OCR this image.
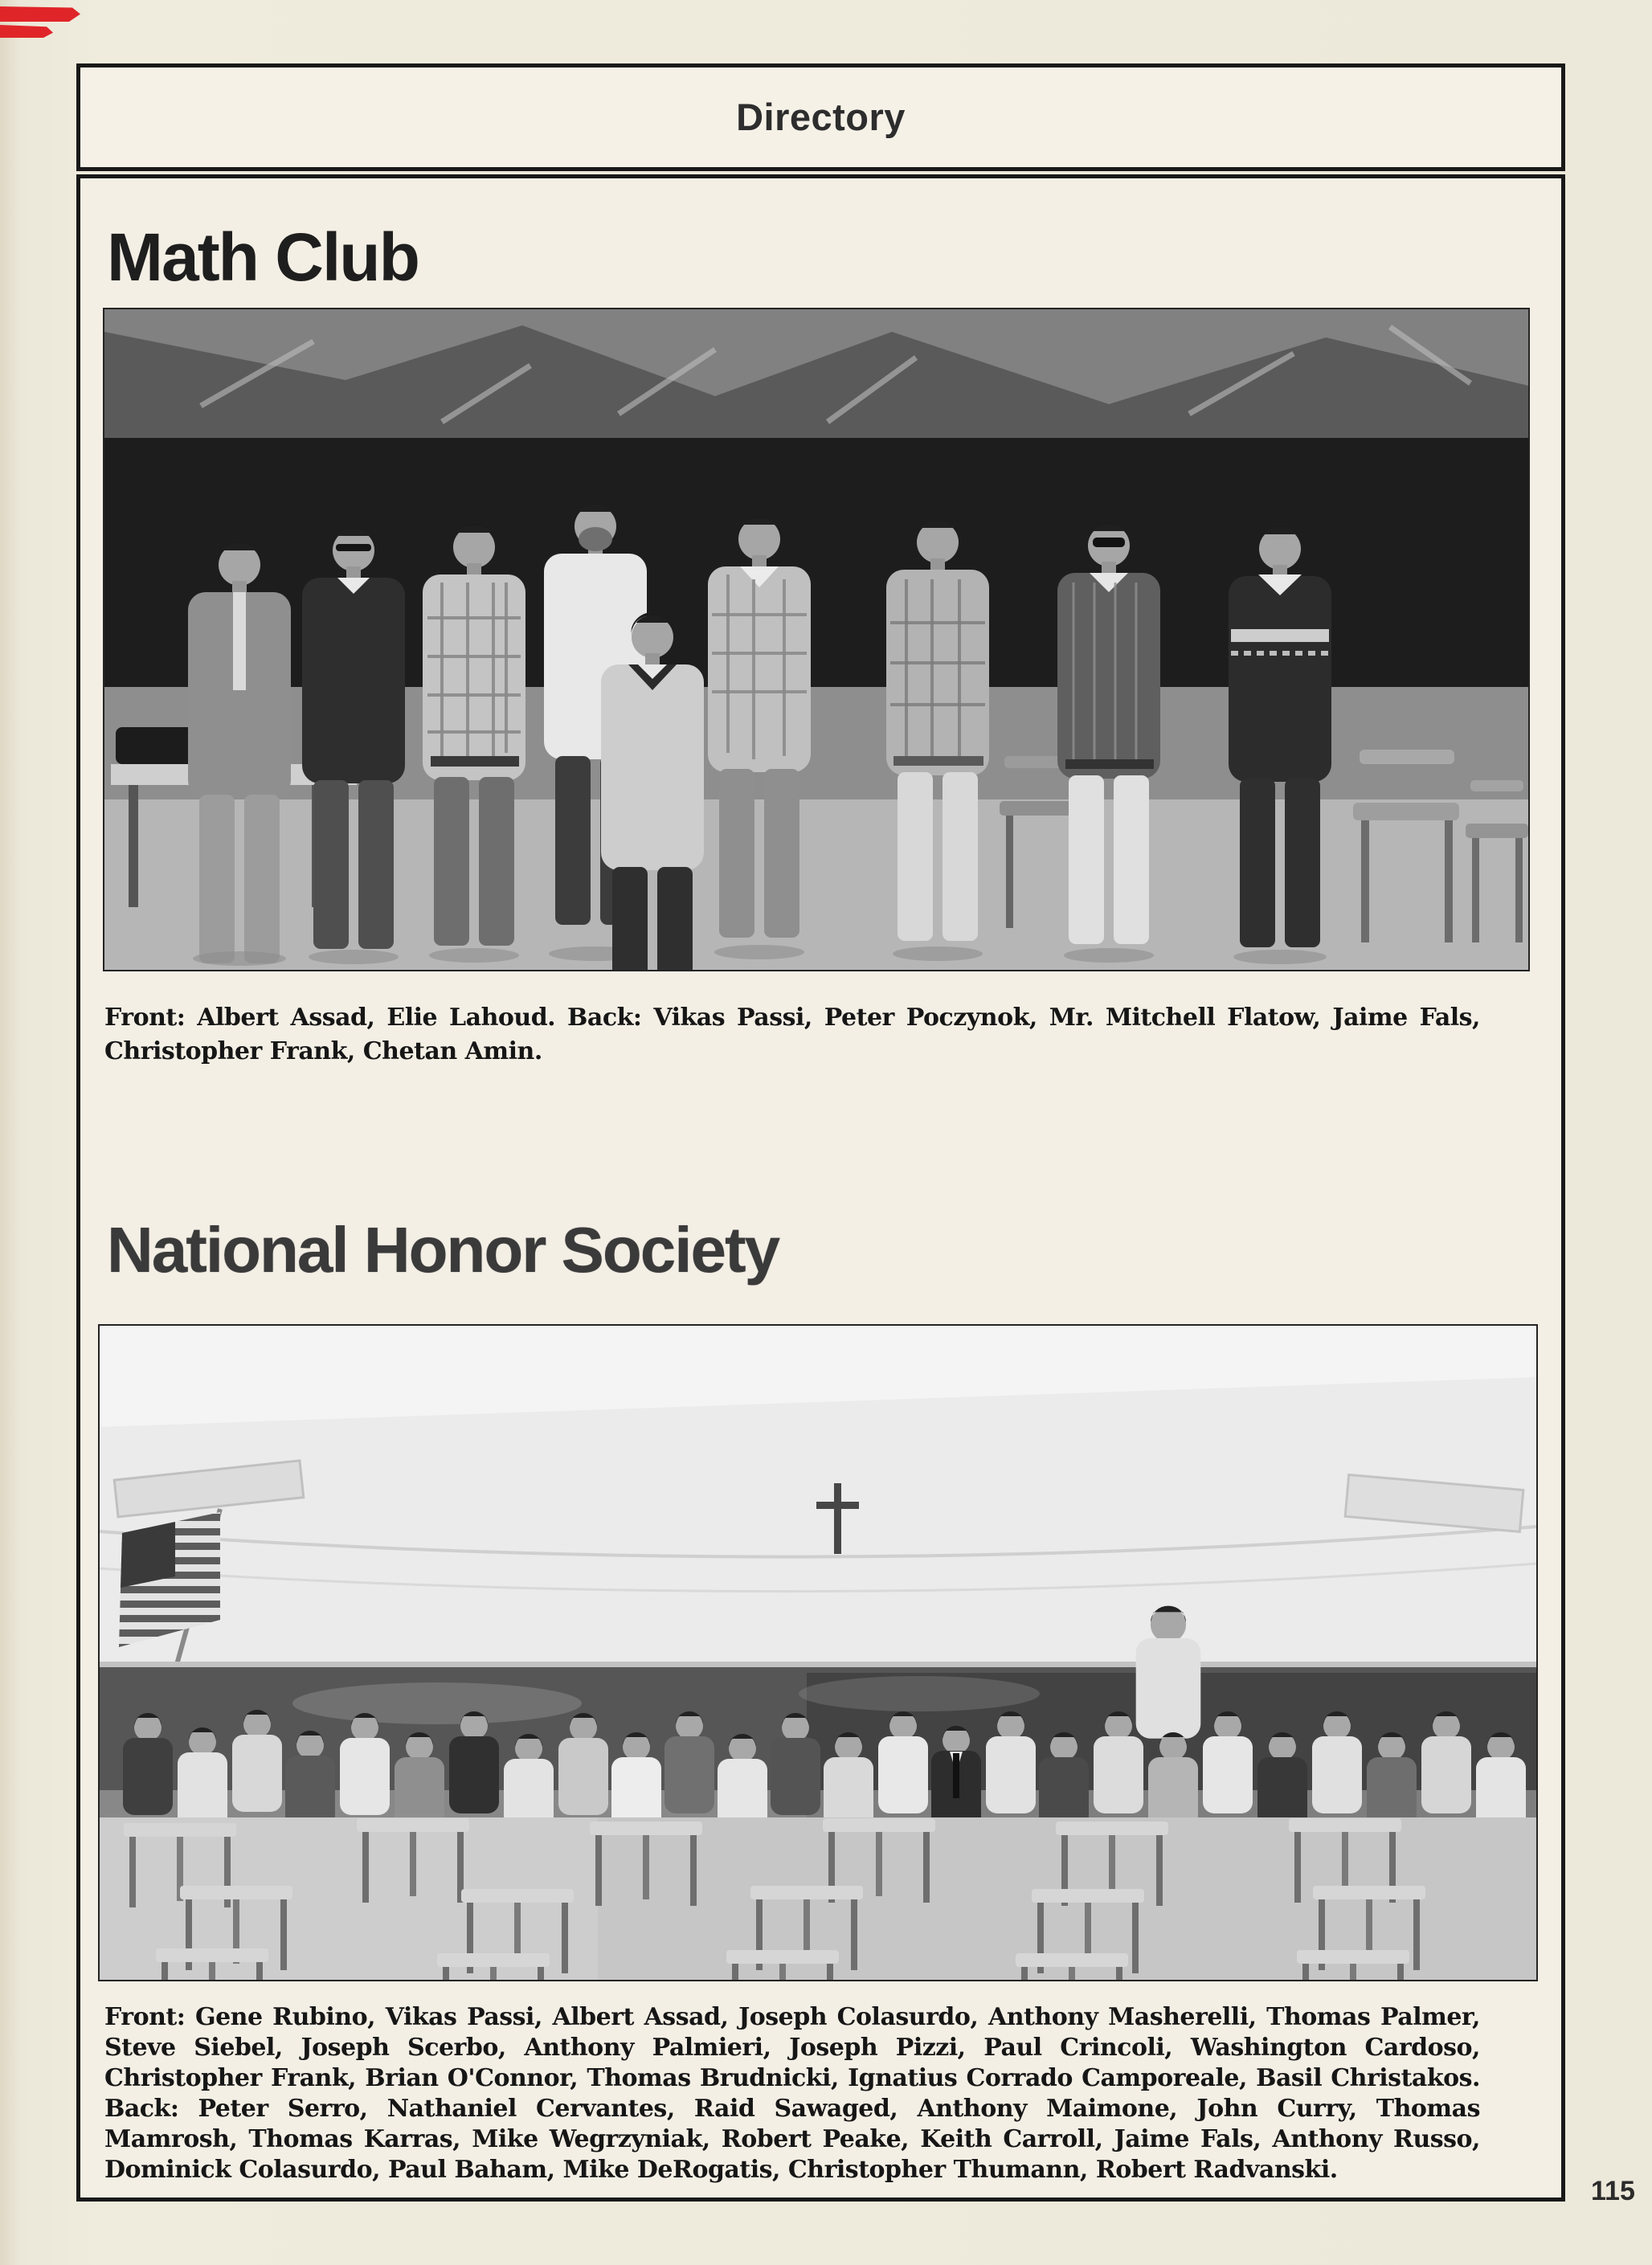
Directory
Math Club
Front: Albert Assad, Elie Lahoud. Back: Vikas Passi, Peter Poczynok, Mr. Mitchell Flatow, Jaime Fals, Christopher Frank, Chetan Amin.
National Honor Society
Front: Gene Rubino, Vikas Passi, Albert Assad, Joseph Colasurdo, Anthony Masherelli, Thomas Palmer, Steve Siebel, Joseph Scerbo, Anthony Palmieri, Joseph Pizzi, Paul Crincoli, Washington Cardoso, Christopher Frank, Brian O'Connor, Thomas Brudnicki, Ignatius Corrado Camporeale, Basil Christakos. Back: Peter Serro, Nathaniel Cervantes, Raid Sawaged, Anthony Maimone, John Curry, Thomas Mamrosh, Thomas Karras, Mike Wegrzyniak, Robert Peake, Keith Carroll, Jaime Fals, Anthony Russo, Dominick Colasurdo, Paul Baham, Mike DeRogatis, Christopher Thumann, Robert Radvanski.
115
